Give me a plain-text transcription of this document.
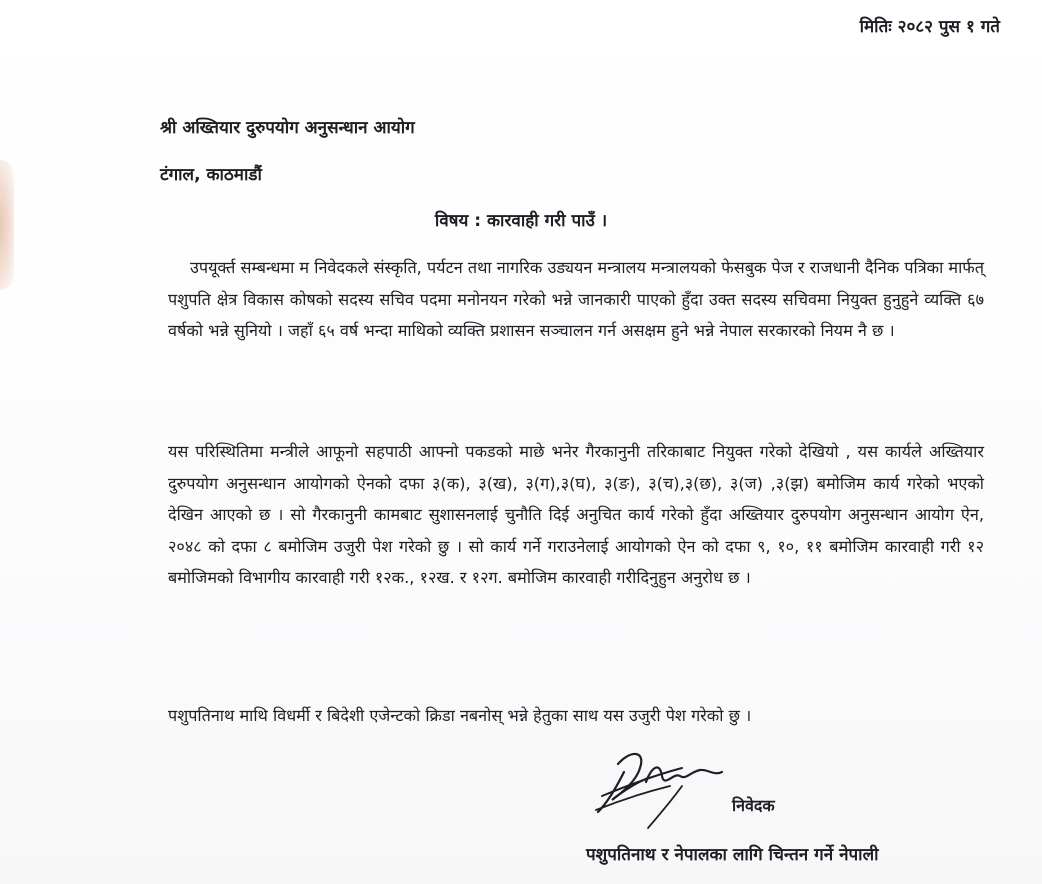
मितिः २०८२ पुस १ गते
श्री अख्तियार दुरुपयोग अनुसन्धान आयोग
टंगाल, काठमाडौं
विषय : कारवाही गरी पाउँ ।

उपयूर्क्त सम्बन्धमा म निवेदकले संस्कृति, पर्यटन तथा नागरिक उड्ययन मन्त्रालय मन्त्रालयको फेसबुक पेज र राजधानी दैनिक पत्रिका मार्फत् पशुपति क्षेत्र विकास कोषको सदस्य सचिव पदमा मनोनयन गरेको भन्ने जानकारी पाएको हुँदा उक्त सदस्य सचिवमा नियुक्त हुनुहुने व्यक्ति ६७ वर्षको भन्ने सुनियो । जहाँ ६५ वर्ष भन्दा माथिको व्यक्ति प्रशासन सञ्चालन गर्न असक्षम हुने भन्ने नेपाल सरकारको नियम नै छ ।

यस परिस्थितिमा मन्त्रीले आफूनो सहपाठी आफ्नो पकडको माछे भनेर गैरकानुनी तरिकाबाट नियुक्त गरेको देखियो , यस कार्यले अख्तियार दुरुपयोग अनुसन्धान आयोगको ऐनको दफा ३(क), ३(ख), ३(ग),३(घ), ३(ङ), ३(च),३(छ), ३(ज) ,३(झ) बमोजिम कार्य गरेको भएको देखिन आएको छ । सो गैरकानुनी कामबाट सुशासनलाई चुनौति दिई अनुचित कार्य गरेको हुँदा अख्तियार दुरुपयोग अनुसन्धान आयोग ऐन, २०४८ को दफा ८ बमोजिम उजुरी पेश गरेको छु । सो कार्य गर्ने गराउनेलाई आयोगको ऐन को दफा ९, १०, ११ बमोजिम कारवाही गरी १२ बमोजिमको विभागीय कारवाही गरी १२क., १२ख. र १२ग. बमोजिम कारवाही गरीदिनुहुन अनुरोध छ ।

पशुपतिनाथ माथि विधर्मी र बिदेशी एजेन्टको क्रिडा नबनोस् भन्ने हेतुका साथ यस उजुरी पेश गरेको छु ।

निवेदक
पशुपतिनाथ र नेपालका लागि चिन्तन गर्ने नेपाली
